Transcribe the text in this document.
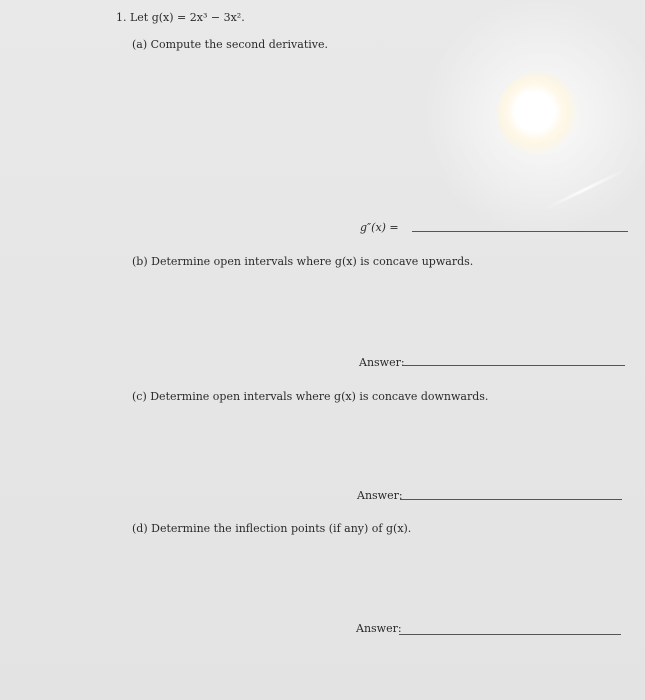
1. Let g(x) = 2x³ − 3x².
(a) Compute the second derivative.
g″(x) =
(b) Determine open intervals where g(x) is concave upwards.
Answer:
(c) Determine open intervals where g(x) is concave downwards.
Answer:
(d) Determine the inflection points (if any) of g(x).
Answer:
